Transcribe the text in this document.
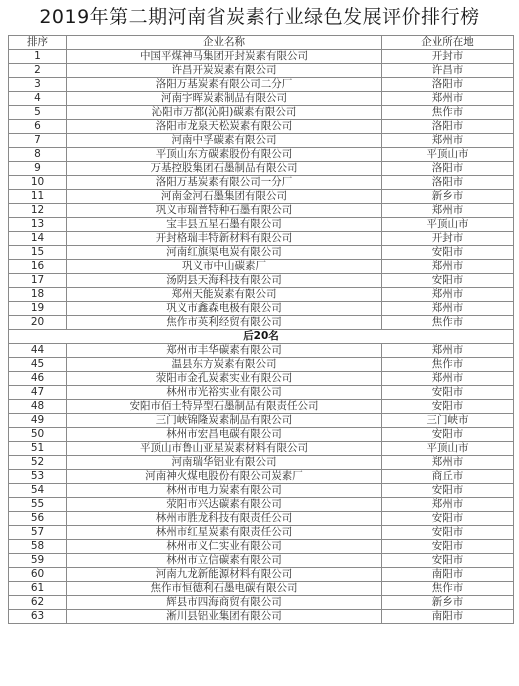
2019年第二期河南省炭素行业绿色发展评价排行榜
排序	企业名称	企业所在地
1	中国平煤神马集团开封炭素有限公司	开封市
2	许昌开炭炭素有限公司	许昌市
3	洛阳万基炭素有限公司二分厂	洛阳市
4	河南宇晖炭素制品有限公司	郑州市
5	沁阳市万都(沁阳)碳素有限公司	焦作市
6	洛阳市龙泉天松炭素有限公司	洛阳市
7	河南中孚碳素有限公司	郑州市
8	平顶山东方碳素股份有限公司	平顶山市
9	万基控股集团石墨制品有限公司	洛阳市
10	洛阳万基炭素有限公司一分厂	洛阳市
11	河南金河石墨集团有限公司	新乡市
12	巩义市瑞普特种石墨有限公司	郑州市
13	宝丰县五星石墨有限公司	平顶山市
14	开封格瑞丰特新材料有限公司	开封市
15	河南红旗渠电炭有限公司	安阳市
16	巩义市中山碳素厂	郑州市
17	汤阴县天海科技有限公司	安阳市
18	郑州天能炭素有限公司	郑州市
19	巩义市鑫森电极有限公司	郑州市
20	焦作市英利经贸有限公司	焦作市
后20名		
44	郑州市丰华碳素有限公司	郑州市
45	温县东方炭素有限公司	焦作市
46	荥阳市金孔炭素实业有限公司	郑州市
47	林州市光裕实业有限公司	安阳市
48	安阳市佰士特异型石墨制品有限责任公司	安阳市
49	三门峡锦隆炭素制品有限公司	三门峡市
50	林州市宏昌电碳有限公司	安阳市
51	平顶山市鲁山亚星炭素材料有限公司	平顶山市
52	河南瑞华铝业有限公司	郑州市
53	河南神火煤电股份有限公司炭素厂	商丘市
54	林州市电力炭素有限公司	安阳市
55	荥阳市兴达碳素有限公司	郑州市
56	林州市胜龙科技有限责任公司	安阳市
57	林州市红星炭素有限责任公司	安阳市
58	林州市义仁实业有限公司	安阳市
59	林州市立信碳素有限公司	安阳市
60	河南九龙新能源材料有限公司	南阳市
61	焦作市恒德利石墨电碳有限公司	焦作市
62	辉县市四海商贸有限公司	新乡市
63	淅川县铝业集团有限公司	南阳市
